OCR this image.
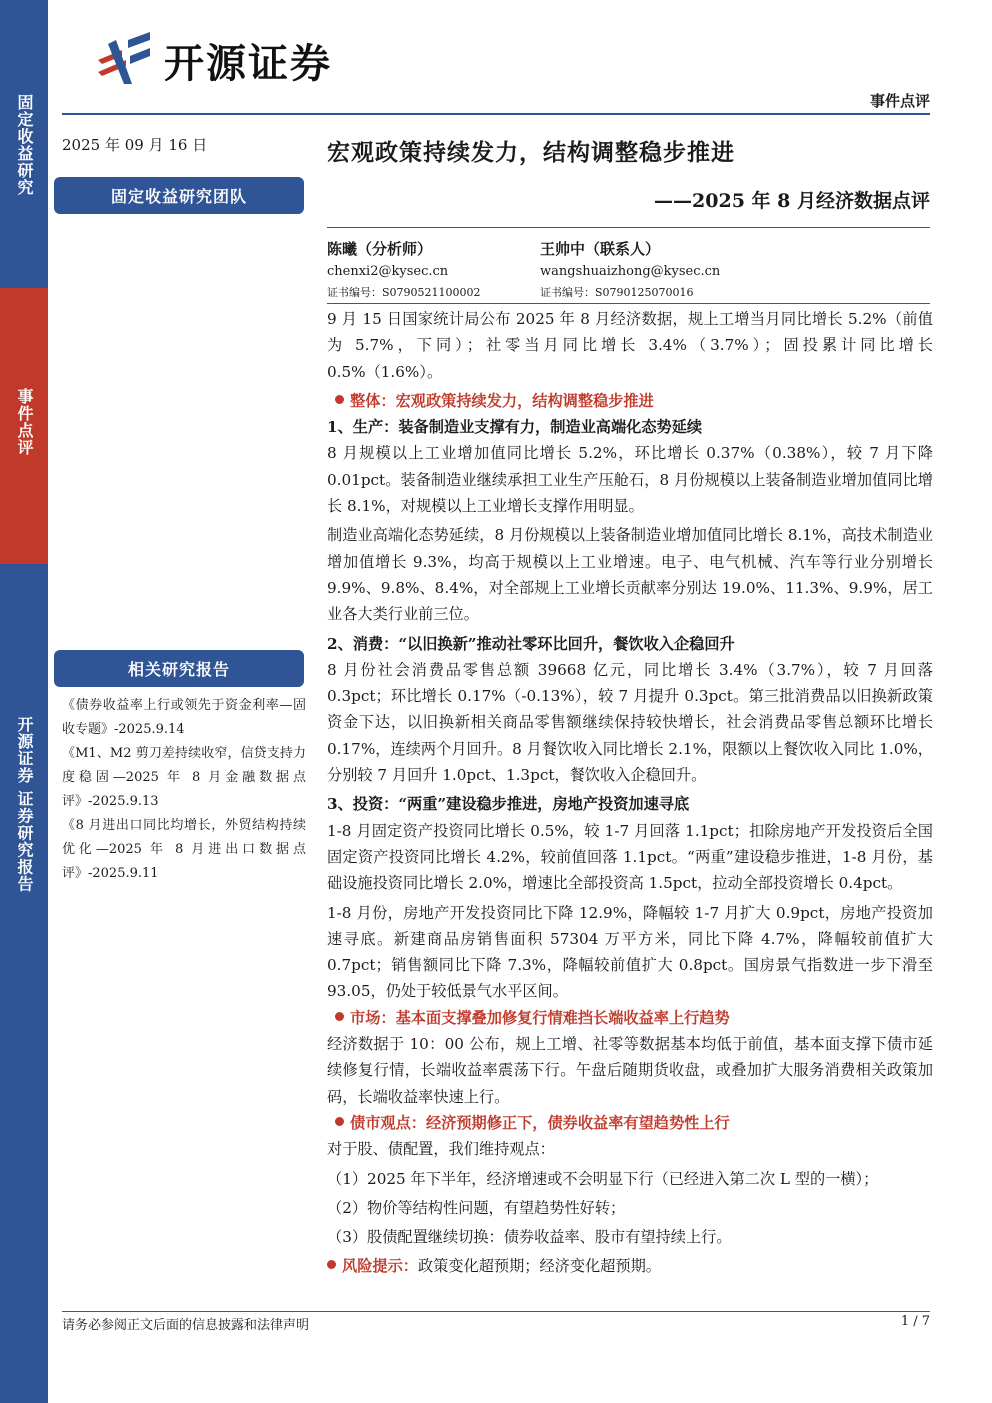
固定收益研究
事件点评
开源证券 证券研究报告
开源证券
事件点评
2025 年 09 月 16 日
固定收益研究团队
宏观政策持续发力，结构调整稳步推进
——2025 年 8 月经济数据点评
陈曦（分析师）
chenxi2@kysec.cn
证书编号：S0790521100002
王帅中（联系人）
wangshuaizhong@kysec.cn
证书编号：S0790125070016

9 月 15 日国家统计局公布 2025 年 8 月经济数据，规上工增当月同比增长 5.2%（前值为 5.7%，下同）；社零当月同比增长 3.4%（3.7%）；固投累计同比增长 0.5%（1.6%）。

整体：宏观政策持续发力，结构调整稳步推进

1、生产：装备制造业支撑有力，制造业高端化态势延续

8 月规模以上工业增加值同比增长 5.2%，环比增长 0.37%（0.38%），较 7 月下降 0.01pct。装备制造业继续承担工业生产压舱石，8 月份规模以上装备制造业增加值同比增长 8.1%，对规模以上工业增长支撑作用明显。

制造业高端化态势延续，8 月份规模以上装备制造业增加值同比增长 8.1%，高技术制造业增加值增长 9.3%，均高于规模以上工业增速。电子、电气机械、汽车等行业分别增长 9.9%、9.8%、8.4%，对全部规上工业增长贡献率分别达 19.0%、11.3%、9.9%，居工业各大类行业前三位。

2、消费：“以旧换新”推动社零环比回升，餐饮收入企稳回升

8 月份社会消费品零售总额 39668 亿元，同比增长 3.4%（3.7%），较 7 月回落 0.3pct；环比增长 0.17%（-0.13%），较 7 月提升 0.3pct。第三批消费品以旧换新政策资金下达，以旧换新相关商品零售额继续保持较快增长，社会消费品零售总额环比增长 0.17%，连续两个月回升。8 月餐饮收入同比增长 2.1%，限额以上餐饮收入同比 1.0%，分别较 7 月回升 1.0pct、1.3pct，餐饮收入企稳回升。

3、投资：“两重”建设稳步推进，房地产投资加速寻底

1-8 月固定资产投资同比增长 0.5%，较 1-7 月回落 1.1pct；扣除房地产开发投资后全国固定资产投资同比增长 4.2%，较前值回落 1.1pct。“两重”建设稳步推进，1-8 月份，基础设施投资同比增长 2.0%，增速比全部投资高 1.5pct，拉动全部投资增长 0.4pct。

1-8 月份，房地产开发投资同比下降 12.9%，降幅较 1-7 月扩大 0.9pct，房地产投资加速寻底。新建商品房销售面积 57304 万平方米，同比下降 4.7%，降幅较前值扩大 0.7pct；销售额同比下降 7.3%，降幅较前值扩大 0.8pct。国房景气指数进一步下滑至 93.05，仍处于较低景气水平区间。

市场：基本面支撑叠加修复行情难挡长端收益率上行趋势

经济数据于 10：00 公布，规上工增、社零等数据基本均低于前值，基本面支撑下债市延续修复行情，长端收益率震荡下行。午盘后随期货收盘，或叠加扩大服务消费相关政策加码，长端收益率快速上行。

债市观点：经济预期修正下，债券收益率有望趋势性上行

对于股、债配置，我们维持观点：

（1）2025 年下半年，经济增速或不会明显下行（已经进入第二次 L 型的一横）；

（2）物价等结构性问题，有望趋势性好转；

（3）股债配置继续切换：债券收益率、股市有望持续上行。

风险提示：政策变化超预期；经济变化超预期。

相关研究报告

《债券收益率上行或领先于资金利率—固收专题》-2025.9.14

《M1、M2 剪刀差持续收窄，信贷支持力度稳固—2025 年 8 月金融数据点评》-2025.9.13

《8 月进出口同比均增长，外贸结构持续优化—2025 年 8 月进出口数据点评》-2025.9.11

请务必参阅正文后面的信息披露和法律声明	1 / 7
